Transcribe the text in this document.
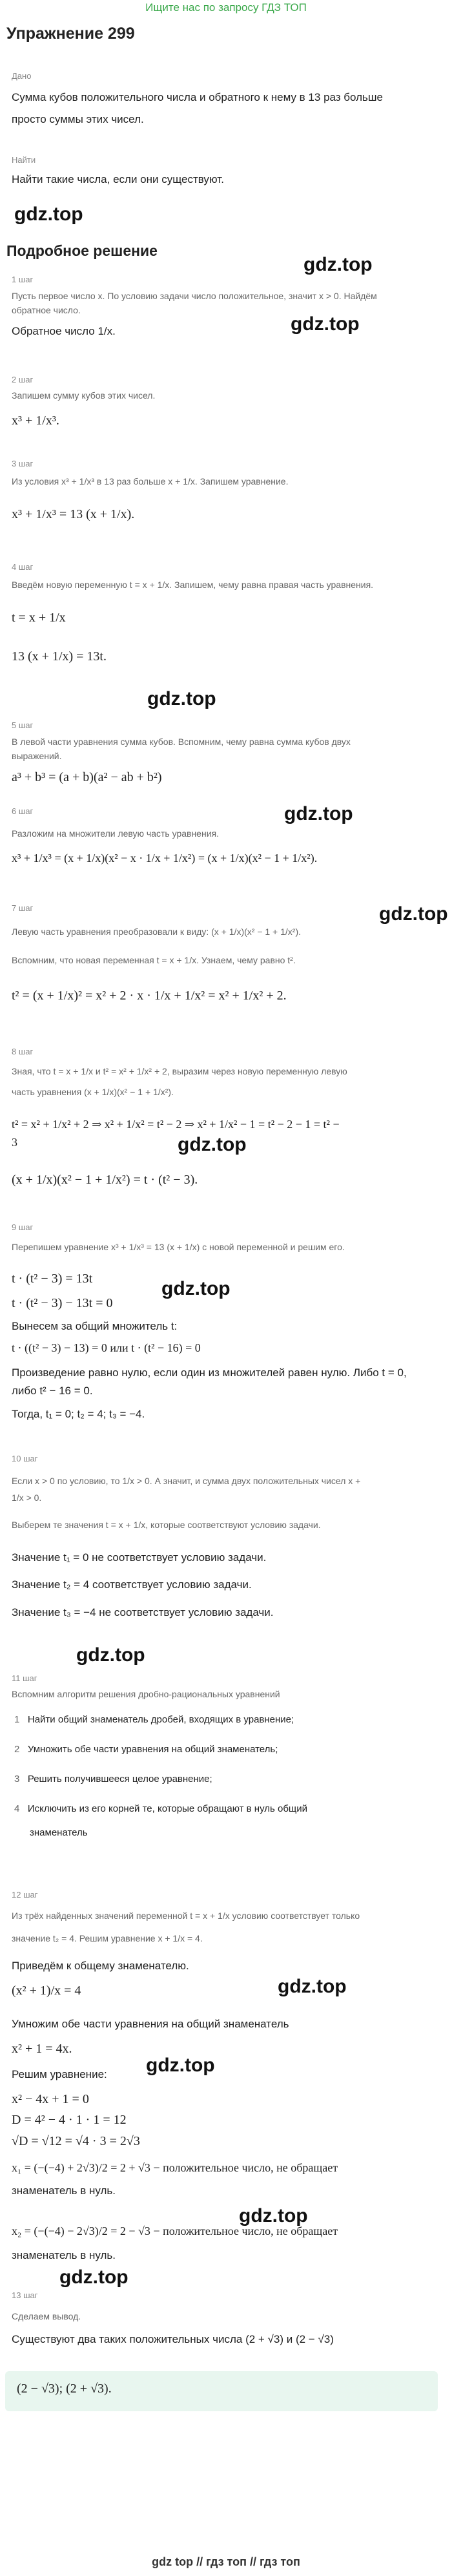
Ищите нас по запросу ГДЗ ТОП
Упражнение 299
Дано
Сумма кубов положительного числа и обратного к нему в 13 раз больше
просто суммы этих чисел.
Найти
Найти такие числа, если они существуют.
gdz.top
Подробное решение
gdz.top
1 шаг
Пусть первое число x. По условию задачи число положительное, значит x > 0. Найдём
обратное число.
Обратное число 1/x.	gdz.top
2 шаг
Запишем сумму кубов этих чисел.
x³ + 1/x³.
3 шаг
Из условия x³ + 1/x³ в 13 раз больше x + 1/x. Запишем уравнение.
x³ + 1/x³ = 13 (x + 1/x).
4 шаг
Введём новую переменную t = x + 1/x. Запишем, чему равна правая часть уравнения.
t = x + 1/x
13 (x + 1/x) = 13t.
gdz.top
5 шаг
В левой части уравнения сумма кубов. Вспомним, чему равна сумма кубов двух
выражений.
a³ + b³ = (a + b)(a² − ab + b²)
6 шаг	gdz.top
Разложим на множители левую часть уравнения.
x³ + 1/x³ = (x + 1/x)(x² − x · 1/x + 1/x²) = (x + 1/x)(x² − 1 + 1/x²).
7 шаг	gdz.top
Левую часть уравнения преобразовали к виду: (x + 1/x)(x² − 1 + 1/x²).
Вспомним, что новая переменная t = x + 1/x. Узнаем, чему равно t².
t² = (x + 1/x)² = x² + 2 · x · 1/x + 1/x² = x² + 1/x² + 2.
8 шаг
Зная, что t = x + 1/x и t² = x² + 1/x² + 2, выразим через новую переменную левую
часть уравнения (x + 1/x)(x² − 1 + 1/x²).
t² = x² + 1/x² + 2 ⇒ x² + 1/x² = t² − 2 ⇒ x² + 1/x² − 1 = t² − 2 − 1 = t² −
3	gdz.top
(x + 1/x)(x² − 1 + 1/x²) = t · (t² − 3).
9 шаг
Перепишем уравнение x³ + 1/x³ = 13 (x + 1/x) с новой переменной и решим его.
t · (t² − 3) = 13t	gdz.top
t · (t² − 3) − 13t = 0
Вынесем за общий множитель t:
t · ((t² − 3) − 13) = 0 или t · (t² − 16) = 0
Произведение равно нулю, если один из множителей равен нулю. Либо t = 0,
либо t² − 16 = 0.
Тогда, t₁ = 0; t₂ = 4; t₃ = −4.
10 шаг
Если x > 0 по условию, то 1/x > 0. А значит, и сумма двух положительных чисел x +
1/x > 0.
Выберем те значения t = x + 1/x, которые соответствуют условию задачи.
Значение t₁ = 0 не соответствует условию задачи.
Значение t₂ = 4 соответствует условию задачи.
Значение t₃ = −4 не соответствует условию задачи.
gdz.top
11 шаг
Вспомним алгоритм решения дробно-рациональных уравнений
1   Найти общий знаменатель дробей, входящих в уравнение;
2   Умножить обе части уравнения на общий знаменатель;
3   Решить получившееся целое уравнение;
4   Исключить из его корней те, которые обращают в нуль общий
знаменатель
12 шаг
Из трёх найденных значений переменной t = x + 1/x условию соответствует только
значение t₂ = 4. Решим уравнение x + 1/x = 4.
Приведём к общему знаменателю.
gdz.top
(x² + 1)/x = 4
Умножим обе части уравнения на общий знаменатель
x² + 1 = 4x.
Решим уравнение: gdz.top
x² − 4x + 1 = 0
D = 4² − 4 · 1 · 1 = 12
√D = √12 = √4 · 3 = 2√3
x₁ = (−(−4) + 2√3)/2 = 2 + √3 − положительное число, не обращает
знаменатель в нуль.
gdz.top
x₂ = (−(−4) − 2√3)/2 = 2 − √3 − положительное число, не обращает
знаменатель в нуль.
gdz.top
13 шаг
Сделаем вывод.
Существуют два таких положительных числа (2 + √3) и (2 − √3)
(2 − √3); (2 + √3).
gdz top // гдз топ // гдз топ
